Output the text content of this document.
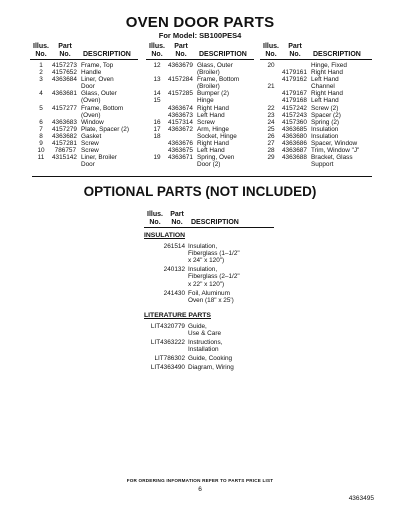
OVEN DOOR PARTS
For Model: SB100PES4
Illus.
No.
Part
No.	DESCRIPTION
1	4157273 Frame, Top
2	4157652 Handle
3	4363684 Liner, Oven
Door
4	4363681 Glass, Outer
(Oven)
5	4157277 Frame, Bottom
(Oven)
6	4363683 Window
7	4157279 Plate, Spacer (2)
8	4363682 Gasket
9	4157281 Screw
10	786757 Screw
11	4315142 Liner, Broiler
Door
Illus.
No.
Part
No.	DESCRIPTION
12	4363679 Glass, Outer
(Broiler)
13	4157284 Frame, Bottom
(Broiler)
14	4157285 Bumper (2)
15	Hinge
4363674 Right Hand
4363673 Left Hand
16	4157314 Screw
17	4363672 Arm, Hinge
18	Socket, Hinge
4363676 Right Hand
4363675 Left Hand
19	4363671 Spring, Oven
Door (2)
Illus.
No.
Part
No.	DESCRIPTION
20	Hinge, Fixed
4179161 Right Hand
4179162 Left Hand
21	Channel
4179167 Right Hand
4179168 Left Hand
22	4157242 Screw (2)
23	4157243 Spacer (2)
24	4157360 Spring (2)
25	4363685 Insulation
26	4363680 Insulation
27	4363686 Spacer, Window
28	4363687 Trim, Window "J"
29	4363688 Bracket, Glass
Support
OPTIONAL PARTS (NOT INCLUDED)
Illus.
No.
Part
No.	DESCRIPTION
INSULATION
261514 Insulation,
Fiberglass (1–1/2"
x 24" x 120")
240132 Insulation,
Fiberglass (2–1/2"
x 22" x 120")
241430 Foil, Aluminum
Oven (18" x 25')
LITERATURE PARTS
LIT4320779 Guide,
Use & Care
LIT4363222 Instructions,
Installation
LIT786302 Guide, Cooking
LIT4363490 Diagram, Wiring
FOR ORDERING INFORMATION REFER TO PARTS PRICE LIST
6
4363495
